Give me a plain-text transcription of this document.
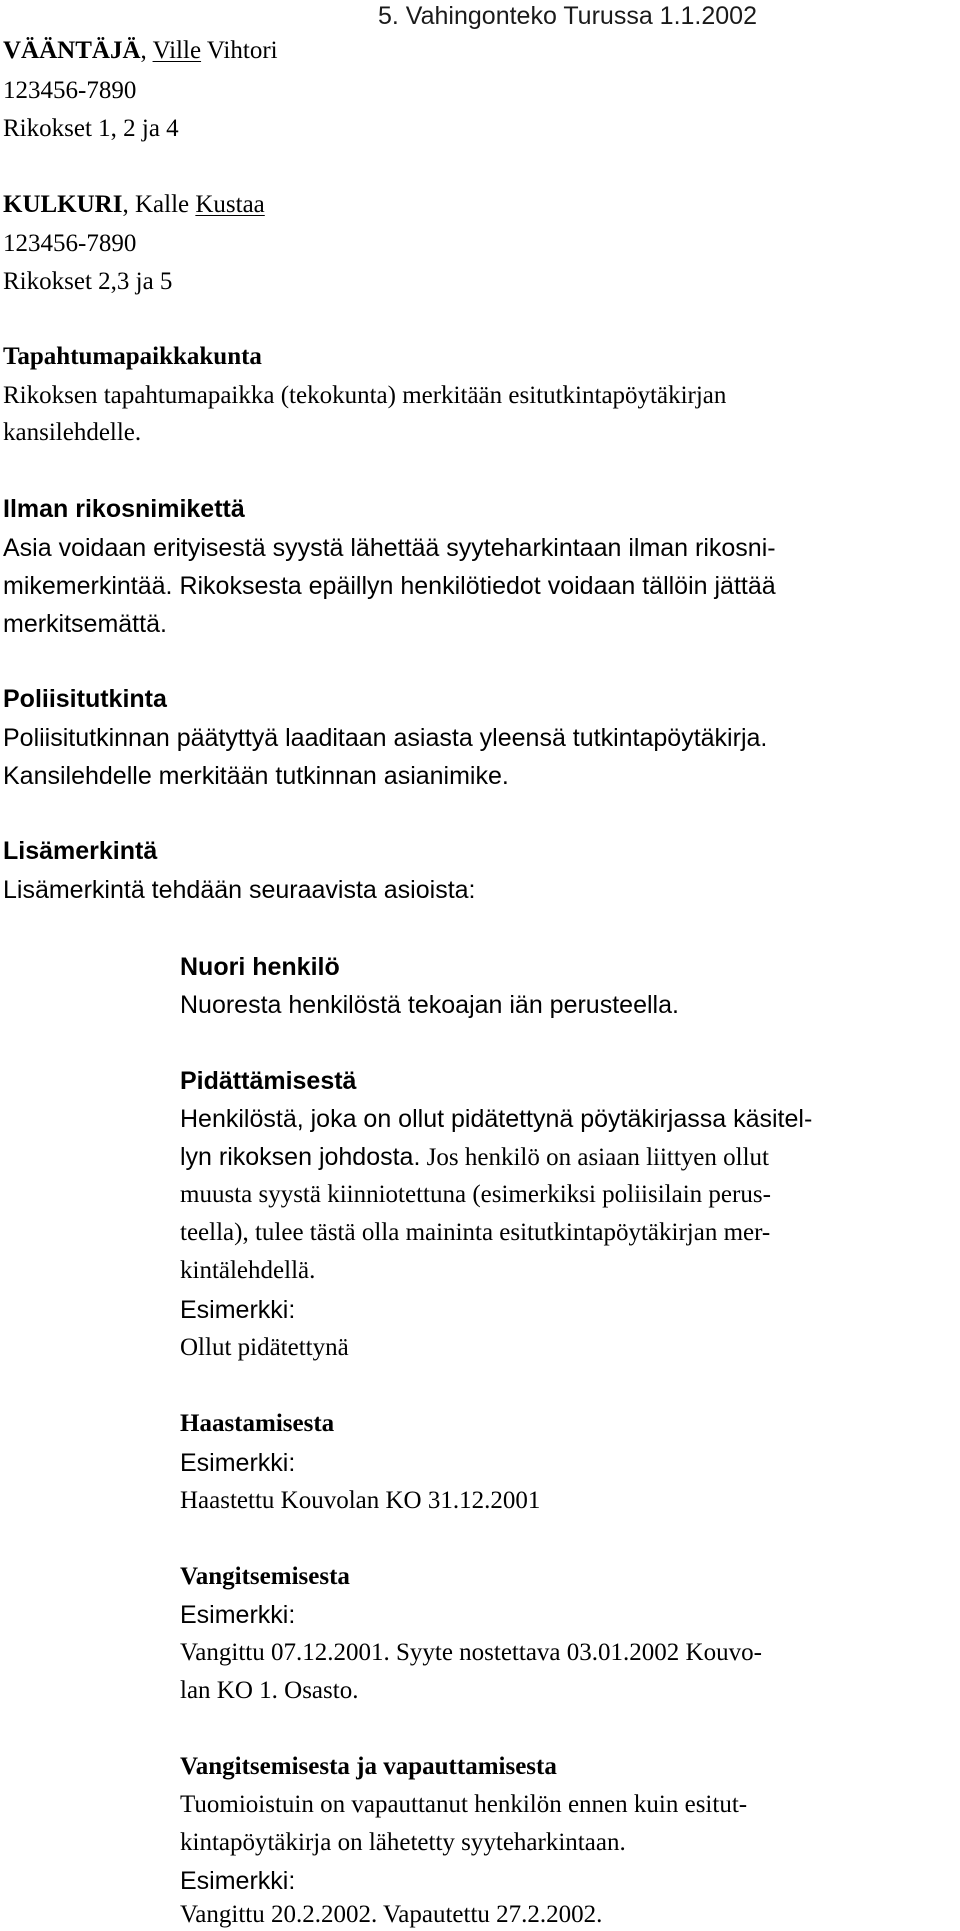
5. Vahingonteko Turussa 1.1.2002

VÄÄNTÄJÄ, Ville Vihtori

123456-7890

Rikokset 1, 2 ja 4

KULKURI, Kalle Kustaa

123456-7890

Rikokset 2,3 ja 5

Tapahtumapaikkakunta

Rikoksen tapahtumapaikka (tekokunta) merkitään esitutkintapöytäkirjan

kansilehdelle.

Ilman rikosnimikettä

Asia voidaan erityisestä syystä lähettää syyteharkintaan ilman rikosni-

mikemerkintää. Rikoksesta epäillyn henkilötiedot voidaan tällöin jättää

merkitsemättä.

Poliisitutkinta

Poliisitutkinnan päätyttyä laaditaan asiasta yleensä tutkintapöytäkirja.

Kansilehdelle merkitään tutkinnan asianimike.

Lisämerkintä

Lisämerkintä tehdään seuraavista asioista:

Nuori henkilö

Nuoresta henkilöstä tekoajan iän perusteella.

Pidättämisestä

Henkilöstä, joka on ollut pidätettynä pöytäkirjassa käsitel-

lyn rikoksen johdosta. Jos henkilö on asiaan liittyen ollut

muusta syystä kiinniotettuna (esimerkiksi poliisilain perus-

teella), tulee tästä olla maininta esitutkintapöytäkirjan mer-

kintälehdellä.

Esimerkki:

Ollut pidätettynä

Haastamisesta

Esimerkki:

Haastettu Kouvolan KO 31.12.2001

Vangitsemisesta

Esimerkki:

Vangittu 07.12.2001. Syyte nostettava 03.01.2002 Kouvo-

lan KO 1. Osasto.

Vangitsemisesta ja vapauttamisesta

Tuomioistuin on vapauttanut henkilön ennen kuin esitut-

kintapöytäkirja on lähetetty syyteharkintaan.

Esimerkki:

Vangittu 20.2.2002. Vapautettu 27.2.2002.
